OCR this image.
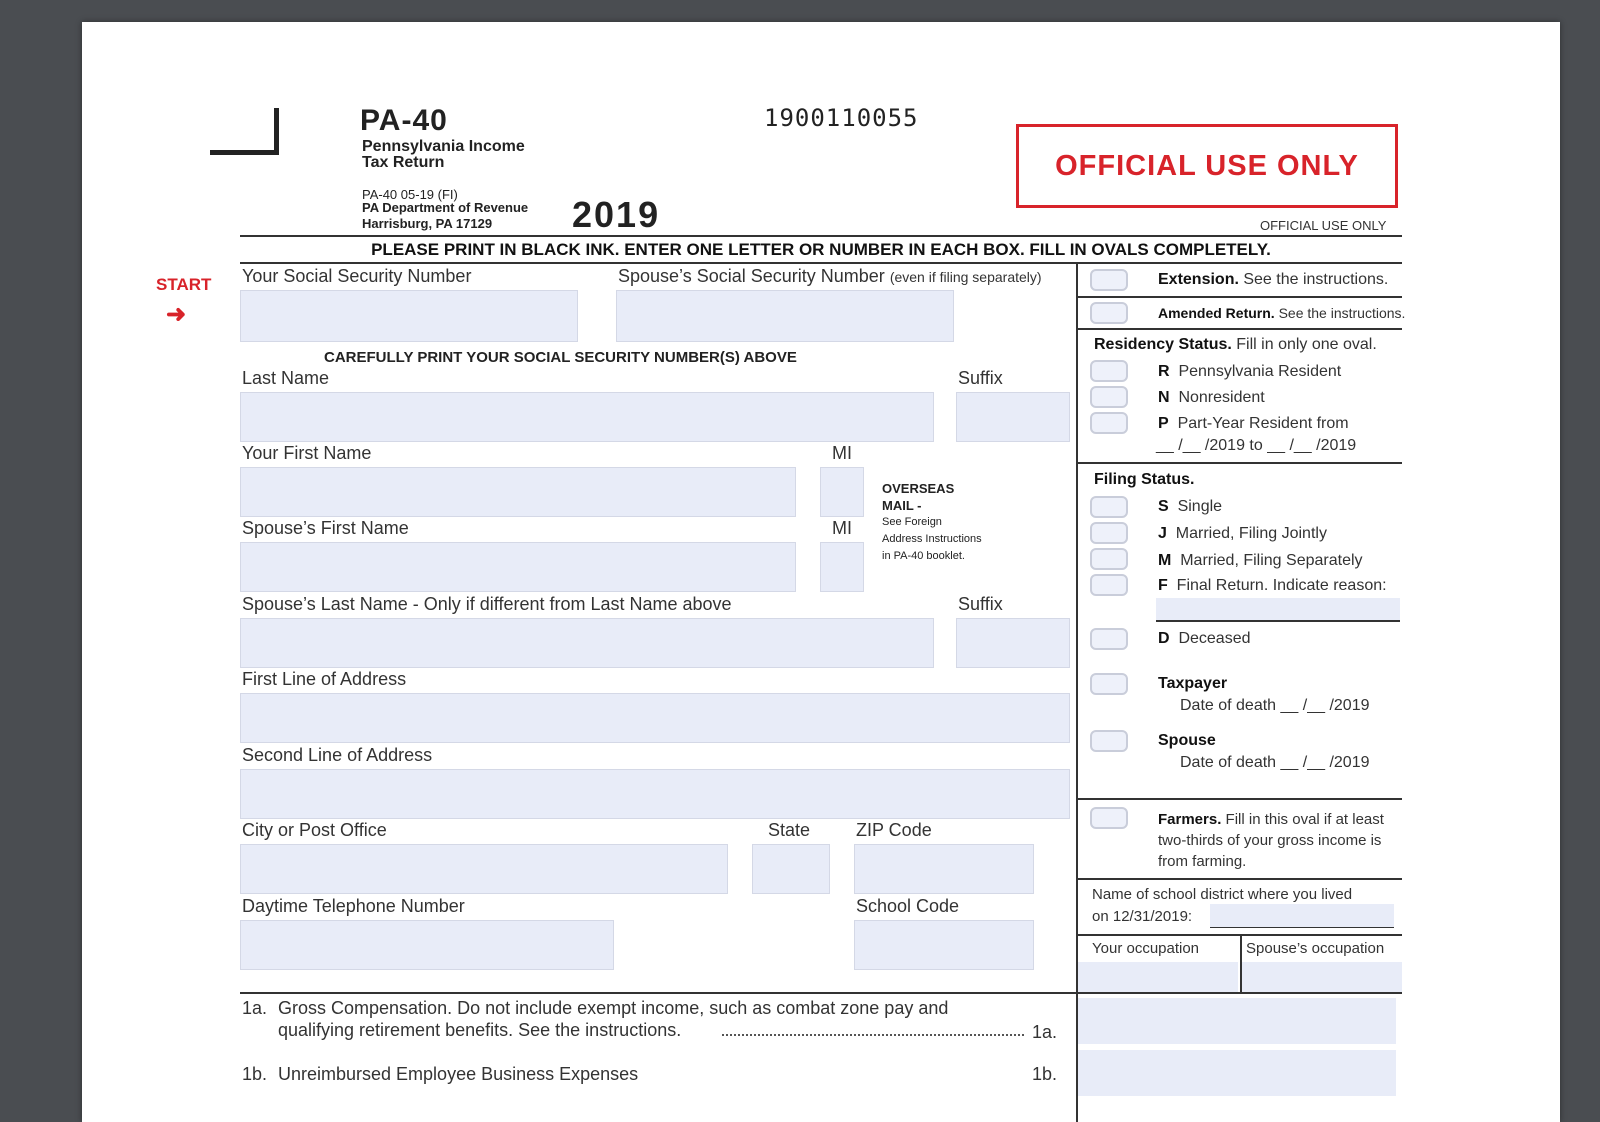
PA-40
Pennsylvania Income
Tax Return
PA-40 05-19 (FI)
PA Department of Revenue
Harrisburg, PA 17129 2019
1900110055
OFFICIAL USE ONLY
OFFICIAL USE ONLY
PLEASE PRINT IN BLACK INK. ENTER ONE LETTER OR NUMBER IN EACH BOX. FILL IN OVALS COMPLETELY.
START
➜
Your Social Security Number	Spouse’s Social Security Number (even if filing separately)
CAREFULLY PRINT YOUR SOCIAL SECURITY NUMBER(S) ABOVE
Last Name	Suffix
Your First Name	MI
OVERSEAS
MAIL -
See Foreign
Address Instructions
in PA-40 booklet.
Spouse’s First Name	MI
Spouse’s Last Name - Only if different from Last Name above	Suffix
First Line of Address
Second Line of Address
City or Post Office	State	ZIP Code
Daytime Telephone Number	School Code
Extension. See the instructions.
Amended Return. See the instructions.
Residency Status. Fill in only one oval.
R Pennsylvania Resident
N Nonresident
P Part-Year Resident from
__ /__ /2019 to __ /__ /2019
Filing Status.
S Single
J Married, Filing Jointly
M Married, Filing Separately
F Final Return. Indicate reason:
D Deceased
Taxpayer
Date of death __ /__ /2019
Spouse
Date of death __ /__ /2019
Farmers. Fill in this oval if at least
two-thirds of your gross income is
from farming.
Name of school district where you lived
on 12/31/2019:
Your occupation	Spouse’s occupation
1a. Gross Compensation. Do not include exempt income, such as combat zone pay and
qualifying retirement benefits. See the instructions.	1a.
1b. Unreimbursed Employee Business Expenses	1b.
